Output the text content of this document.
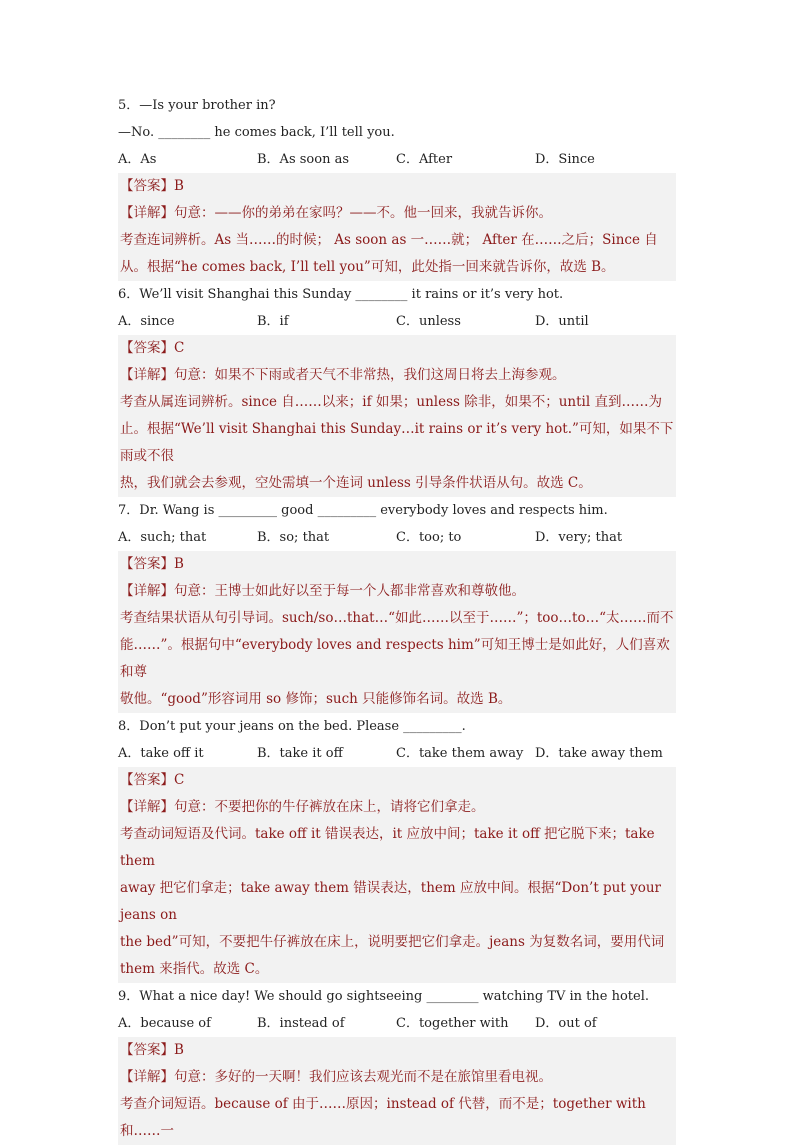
5．—Is your brother in?
—No. ________ he comes back, I’ll tell you.
A．As	B．As soon as	C．After	D．Since
【答案】B
【详解】句意：——你的弟弟在家吗？——不。他一回来，我就告诉你。
考查连词辨析。As 当……的时候； As soon as 一……就； After 在……之后；Since 自
从。根据“he comes back, I’ll tell you”可知，此处指一回来就告诉你，故选 B。
6．We’ll visit Shanghai this Sunday ________ it rains or it’s very hot.
A．since	B．if	C．unless	D．until
【答案】C
【详解】句意：如果不下雨或者天气不非常热，我们这周日将去上海参观。
考查从属连词辨析。since 自……以来；if 如果；unless 除非，如果不；until 直到……为
止。根据“We’ll visit Shanghai this Sunday…it rains or it’s very hot.”可知，如果不下雨或不很
热，我们就会去参观，空处需填一个连词 unless 引导条件状语从句。故选 C。
7．Dr. Wang is _________ good _________ everybody loves and respects him.
A．such; that	B．so; that	C．too; to	D．very; that
【答案】B
【详解】句意：王博士如此好以至于每一个人都非常喜欢和尊敬他。
考查结果状语从句引导词。such/so…that…“如此……以至于……”；too…to…“太……而不
能……”。根据句中“everybody loves and respects him”可知王博士是如此好，人们喜欢和尊
敬他。“good”形容词用 so 修饰；such 只能修饰名词。故选 B。
8．Don’t put your jeans on the bed. Please _________.
A．take off it	B．take it off	C．take them away D．take away them
【答案】C
【详解】句意：不要把你的牛仔裤放在床上，请将它们拿走。
考查动词短语及代词。take off it 错误表达，it 应放中间；take it off 把它脱下来；take them
away 把它们拿走；take away them 错误表达，them 应放中间。根据“Don’t put your jeans on
the bed”可知，不要把牛仔裤放在床上，说明要把它们拿走。jeans 为复数名词，要用代词
them 来指代。故选 C。
9．What a nice day! We should go sightseeing ________ watching TV in the hotel.
A．because of	B．instead of	C．together with	D．out of
【答案】B
【详解】句意：多好的一天啊！我们应该去观光而不是在旅馆里看电视。
考查介词短语。because of 由于……原因；instead of 代替，而不是；together with 和……一
